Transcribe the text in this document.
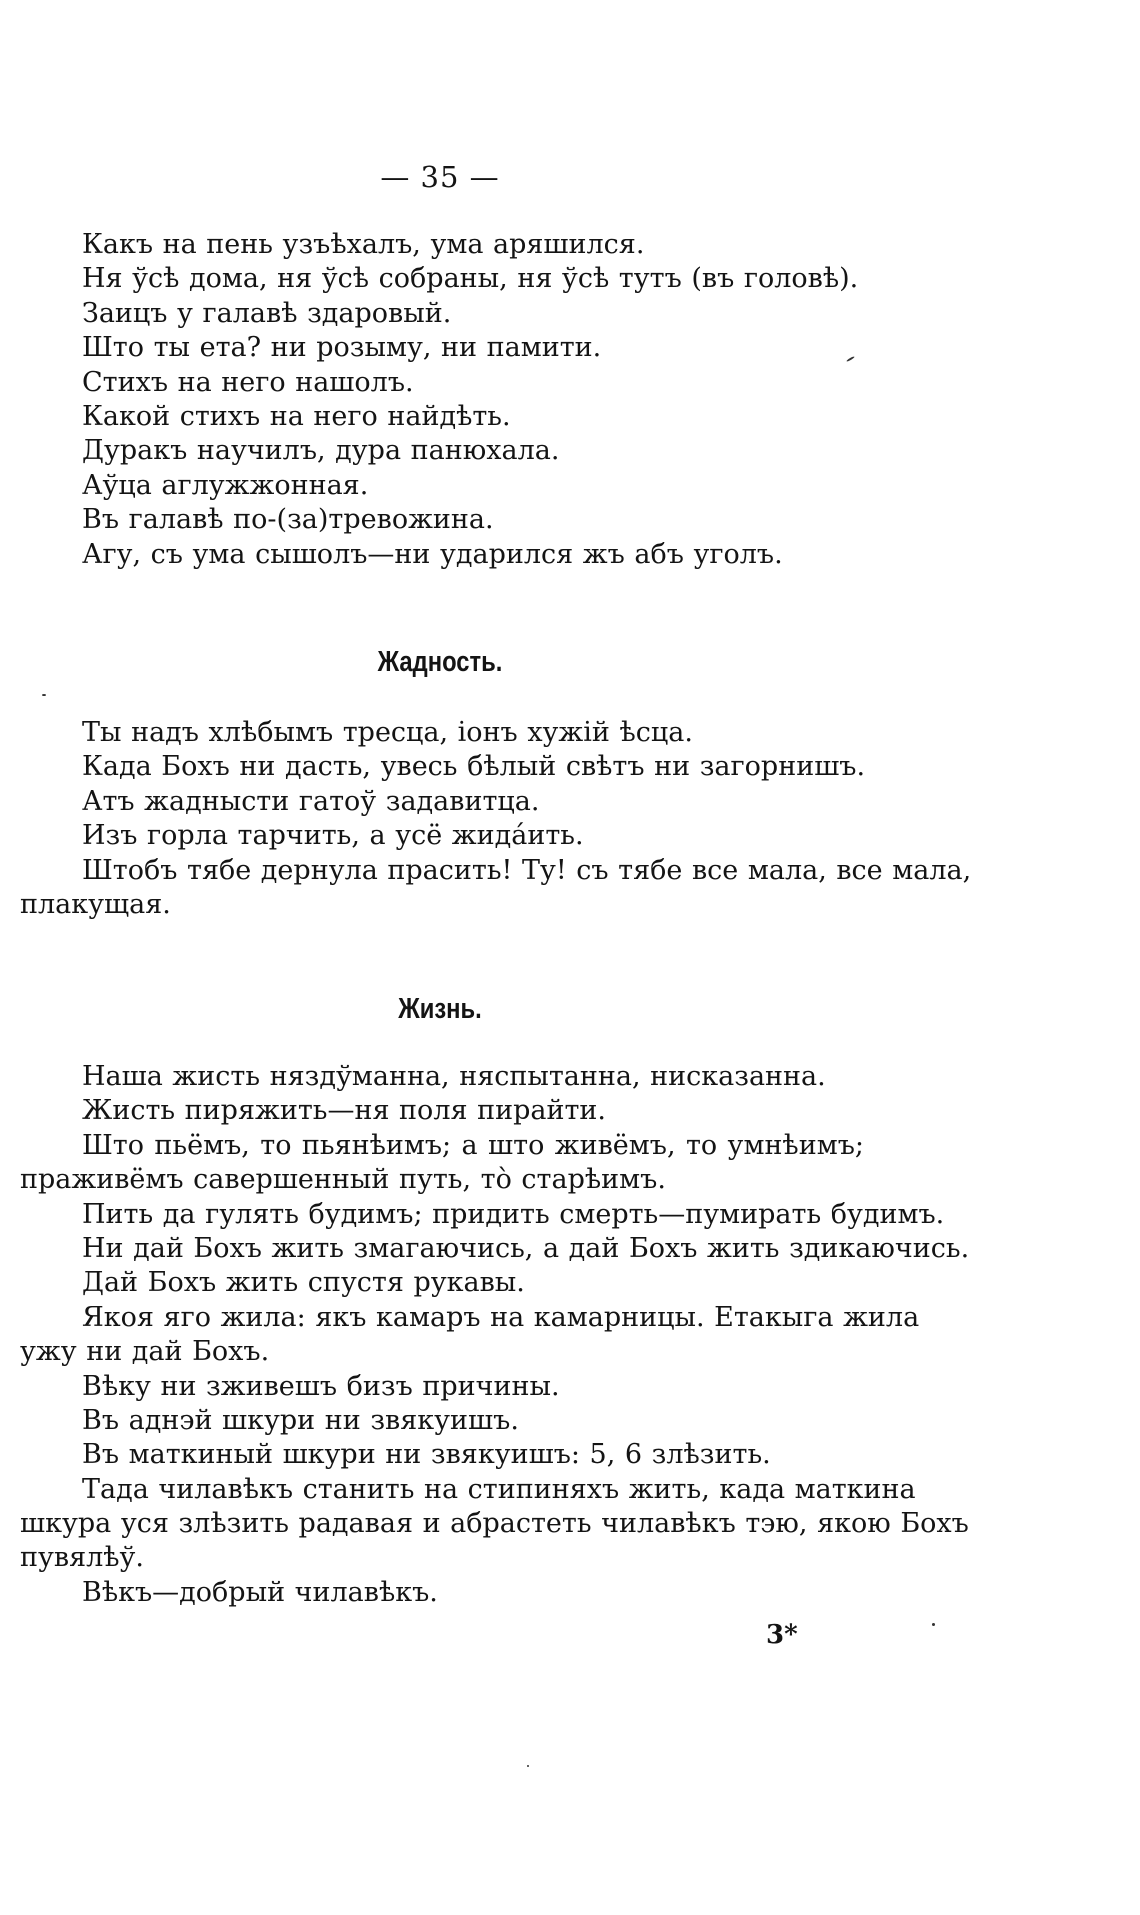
— 35 —
Какъ на пень узъѣхалъ, ума аряшился.
Ня ўсѣ дома, ня ўсѣ собраны, ня ўсѣ тутъ (въ головѣ).
Заицъ у галавѣ здаровый.
Што ты ета? ни розыму, ни памити.
Стихъ на него нашолъ.
Какой стихъ на него найдѣть.
Дуракъ научилъ, дура панюхала.
Аўца аглужжонная.
Въ галавѣ по-(за)тревожина.
Агу, съ ума сышолъ—ни ударился жъ абъ уголъ.
Жадность.
Ты надъ хлѣбымъ треcца, іонъ хужій ѣсца.
Када Бохъ ни дасть, увесь бѣлый свѣтъ ни загорнишъ.
Атъ жадныcти гатоў задавитца.
Изъ горла тарчить, а усё жидáить.
Штобъ тябе дернула прасить! Ту! съ тябе все мала, все мала,
плакущая.
Жизнь.
Наша жисть няздўманна, няспытанна, нисказанна.
Жисть пиряжить—ня поля пирайти.
Што пьёмъ, то пьянѣимъ; а што живёмъ, то умнѣимъ;
праживёмъ савершенный путь, тò старѣимъ.
Пить да гулять будимъ; придить смерть—пумирать будимъ.
Ни дай Бохъ жить змагаючись, а дай Бохъ жить здикаючись.
Дай Бохъ жить спустя рукавы.
Якоя яго жила: якъ камаръ на камарницы. Етакыга жила
ужу ни дай Бохъ.
Вѣку ни зживешъ бизъ причины.
Въ аднэй шкури ни звякуишъ.
Въ маткиный шкури ни звякуишъ: 5, 6 злѣзить.
Тада чилавѣкъ станить на стипиняхъ жить, када маткина
шкура уся злѣзить радавая и абрастеть чилавѣкъ тэю, якою Бохъ
пувялѣў.
Вѣкъ—добрый чилавѣкъ.
3*
